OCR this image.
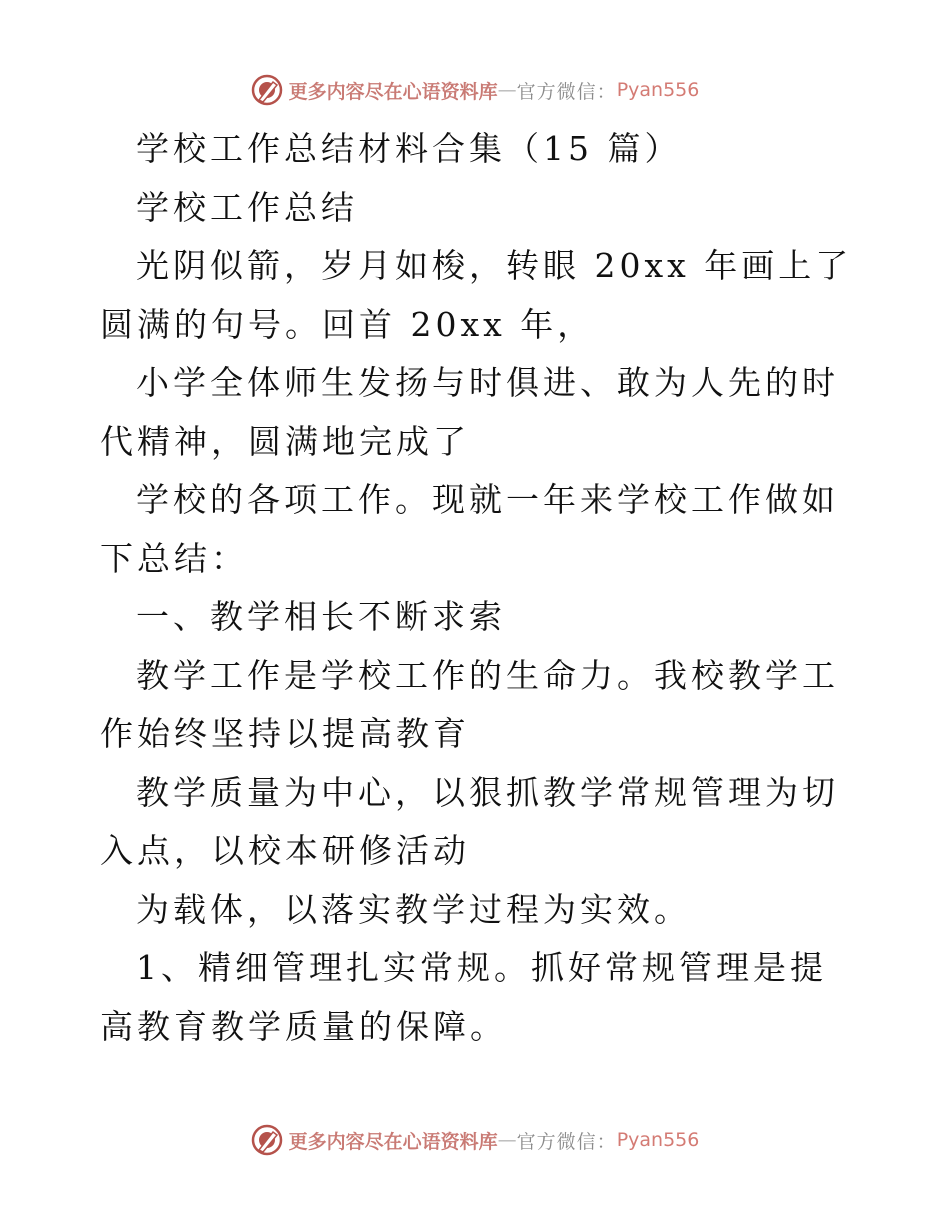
更多内容尽在心语资料库 — 官方微信： Pyan556

学校工作总结材料合集（15 篇）

学校工作总结

光阴似箭，岁月如梭，转眼 20xx 年画上了圆满的句号。回首 20xx 年，

小学全体师生发扬与时俱进、敢为人先的时代精神，圆满地完成了

学校的各项工作。现就一年来学校工作做如下总结：

一、教学相长不断求索

教学工作是学校工作的生命力。我校教学工作始终坚持以提高教育

教学质量为中心，以狠抓教学常规管理为切入点，以校本研修活动

为载体，以落实教学过程为实效。

1、精细管理扎实常规。抓好常规管理是提高教育教学质量的保障。

更多内容尽在心语资料库 — 官方微信： Pyan556
